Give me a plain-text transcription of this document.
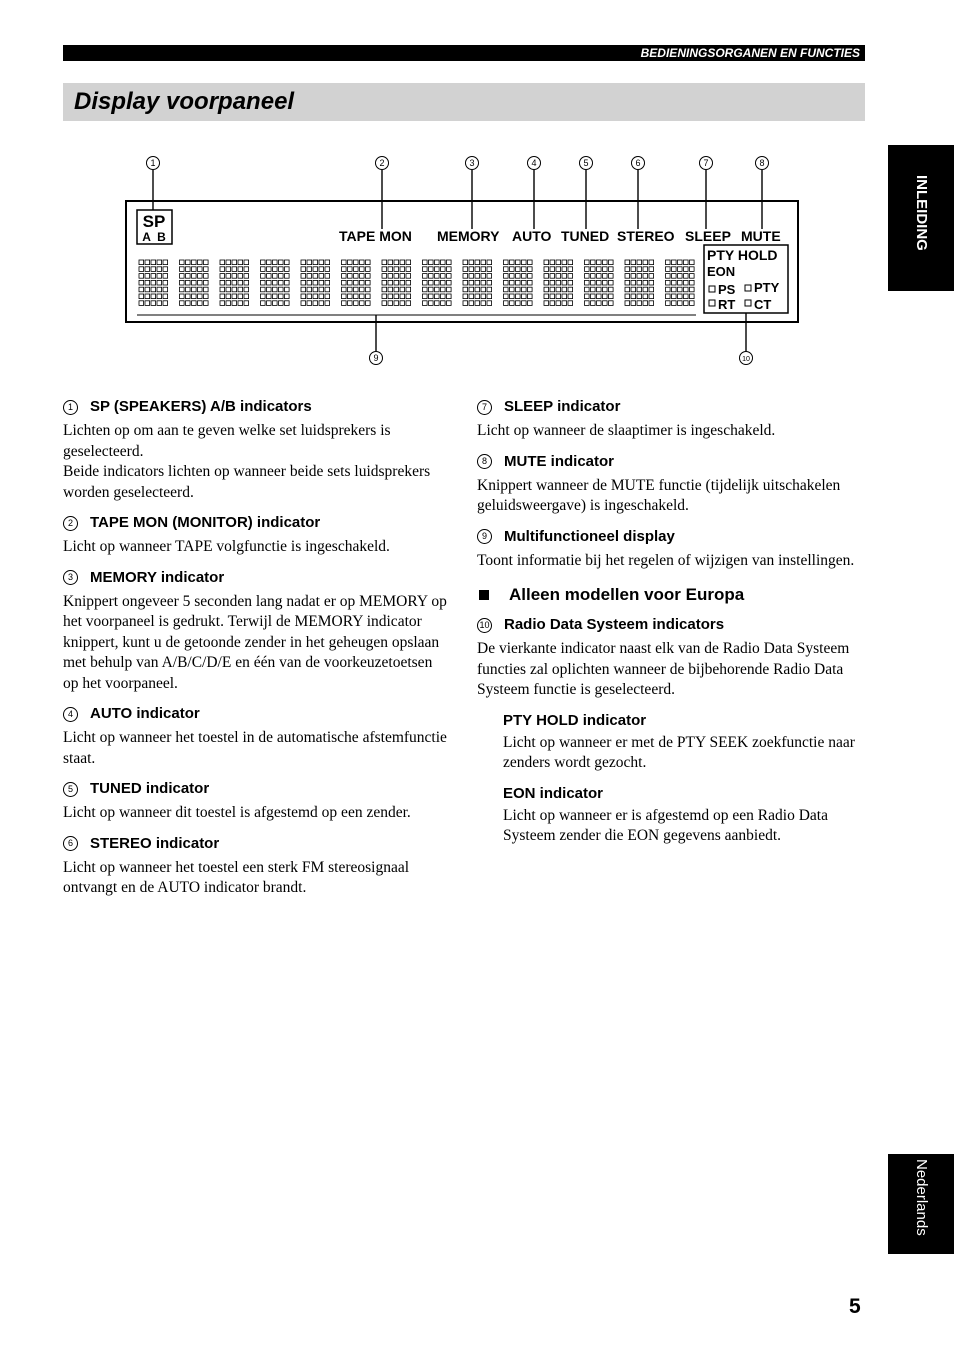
BEDIENINGSORGANEN EN FUNCTIES
Display voorpaneel
INLEIDING
Nederlands
1	2	3	4	5	6	7	8
9	10
SP
A  B	TAPE MON MEMORY AUTO TUNED STEREO SLEEP MUTE
PTY HOLD
EON
PS PTY
RT CT
1	SP (SPEAKERS) A/B indicators

Lichten op om aan te geven welke set luidsprekers is geselecteerd.

Beide indicators lichten op wanneer beide sets luidsprekers worden geselecteerd.

2	TAPE MON (MONITOR) indicator

Licht op wanneer TAPE volgfunctie is ingeschakeld.

3	MEMORY indicator

Knippert ongeveer 5 seconden lang nadat er op MEMORY op het voorpaneel is gedrukt. Terwijl de MEMORY indicator knippert, kunt u de getoonde zender in het geheugen opslaan met behulp van A/B/C/D/E en één van de voorkeuzetoetsen op het voorpaneel.

4	AUTO indicator

Licht op wanneer het toestel in de automatische afstemfunctie staat.

5	TUNED indicator

Licht op wanneer dit toestel is afgestemd op een zender.

6	STEREO indicator

Licht op wanneer het toestel een sterk FM stereosignaal ontvangt en de AUTO indicator brandt.

7	SLEEP indicator

Licht op wanneer de slaaptimer is ingeschakeld.

8	MUTE indicator

Knippert wanneer de MUTE functie (tijdelijk uitschakelen geluidsweergave) is ingeschakeld.

9	Multifunctioneel display

Toont informatie bij het regelen of wijzigen van instellingen.

Alleen modellen voor Europa
10 Radio Data Systeem indicators

De vierkante indicator naast elk van de Radio Data Systeem functies zal oplichten wanneer de bijbehorende Radio Data Systeem functie is geselecteerd.

PTY HOLD indicator

Licht op wanneer er met de PTY SEEK zoekfunctie naar zenders wordt gezocht.

EON indicator

Licht op wanneer er is afgestemd op een Radio Data Systeem zender die EON gegevens aanbiedt.

5
